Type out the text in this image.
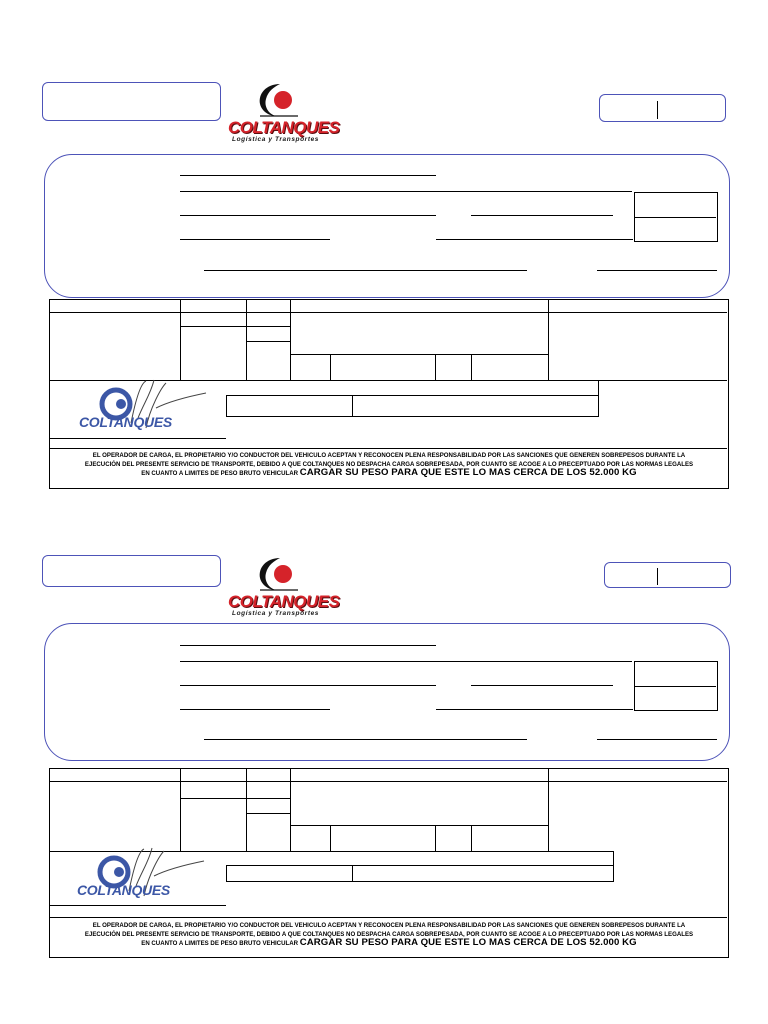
COLTANQUES
Logística y Transportes
COLTANQUES
EL OPERADOR DE CARGA, EL PROPIETARIO Y/O CONDUCTOR DEL VEHICULO ACEPTAN Y RECONOCEN PLENA RESPONSABILIDAD POR LAS SANCIONES QUE GENEREN SOBREPESOS DURANTE LA
EJECUCIÓN DEL PRESENTE SERVICIO DE TRANSPORTE, DEBIDO A QUE COLTANQUES NO DESPACHA CARGA SOBREPESADA, POR CUANTO SE ACOGE A LO PRECEPTUADO POR LAS NORMAS LEGALES
EN CUANTO A LIMITES DE PESO BRUTO VEHICULAR CARGAR SU PESO PARA QUE ESTE LO MAS CERCA DE LOS 52.000 KG
COLTANQUES
Logística y Transportes
COLTANQUES
EL OPERADOR DE CARGA, EL PROPIETARIO Y/O CONDUCTOR DEL VEHICULO ACEPTAN Y RECONOCEN PLENA RESPONSABILIDAD POR LAS SANCIONES QUE GENEREN SOBREPESOS DURANTE LA
EJECUCIÓN DEL PRESENTE SERVICIO DE TRANSPORTE, DEBIDO A QUE COLTANQUES NO DESPACHA CARGA SOBREPESADA, POR CUANTO SE ACOGE A LO PRECEPTUADO POR LAS NORMAS LEGALES
EN CUANTO A LIMITES DE PESO BRUTO VEHICULAR CARGAR SU PESO PARA QUE ESTE LO MAS CERCA DE LOS 52.000 KG
